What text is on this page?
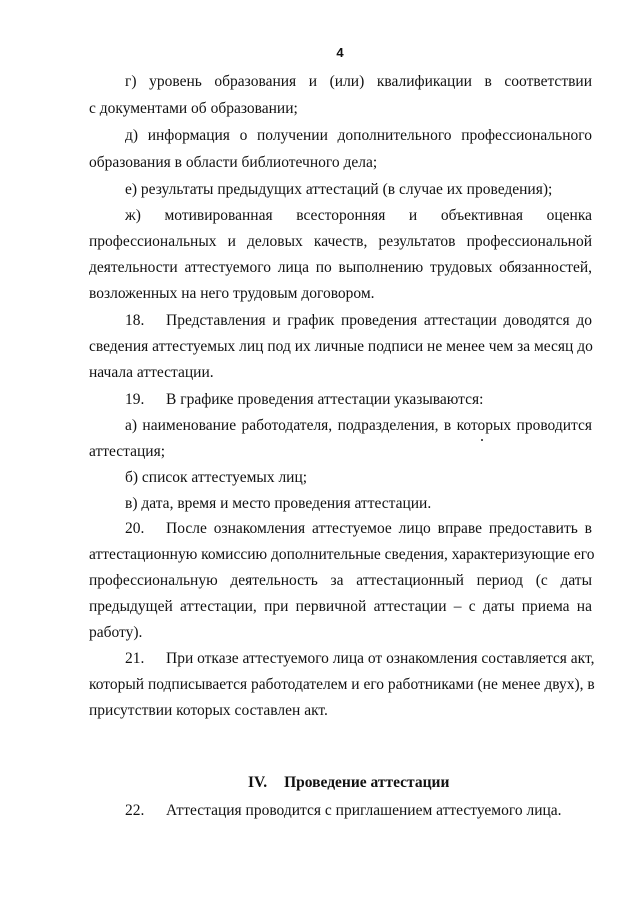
4
г) уровень образования и (или) квалификации в соответствии
с документами об образовании;
д) информация о получении дополнительного профессионального
образования в области библиотечного дела;
е) результаты предыдущих аттестаций (в случае их проведения);
ж) мотивированная всесторонняя и объективная оценка
профессиональных и деловых качеств, результатов профессиональной
деятельности аттестуемого лица по выполнению трудовых обязанностей,
возложенных на него трудовым договором.
18. Представления и график проведения аттестации доводятся до
сведения аттестуемых лиц под их личные подписи не менее чем за месяц до
начала аттестации.
19. В графике проведения аттестации указываются:
а) наименование работодателя, подразделения, в которых проводится
аттестация;
б) список аттестуемых лиц;
в) дата, время и место проведения аттестации.
20. После ознакомления аттестуемое лицо вправе предоставить в
аттестационную комиссию дополнительные сведения, характеризующие его
профессиональную деятельность за аттестационный период (с даты
предыдущей аттестации, при первичной аттестации – с даты приема на
работу).
21. При отказе аттестуемого лица от ознакомления составляется акт,
который подписывается работодателем и его работниками (не менее двух), в
присутствии которых составлен акт.
IV. Проведение аттестации
22. Аттестация проводится с приглашением аттестуемого лица.
